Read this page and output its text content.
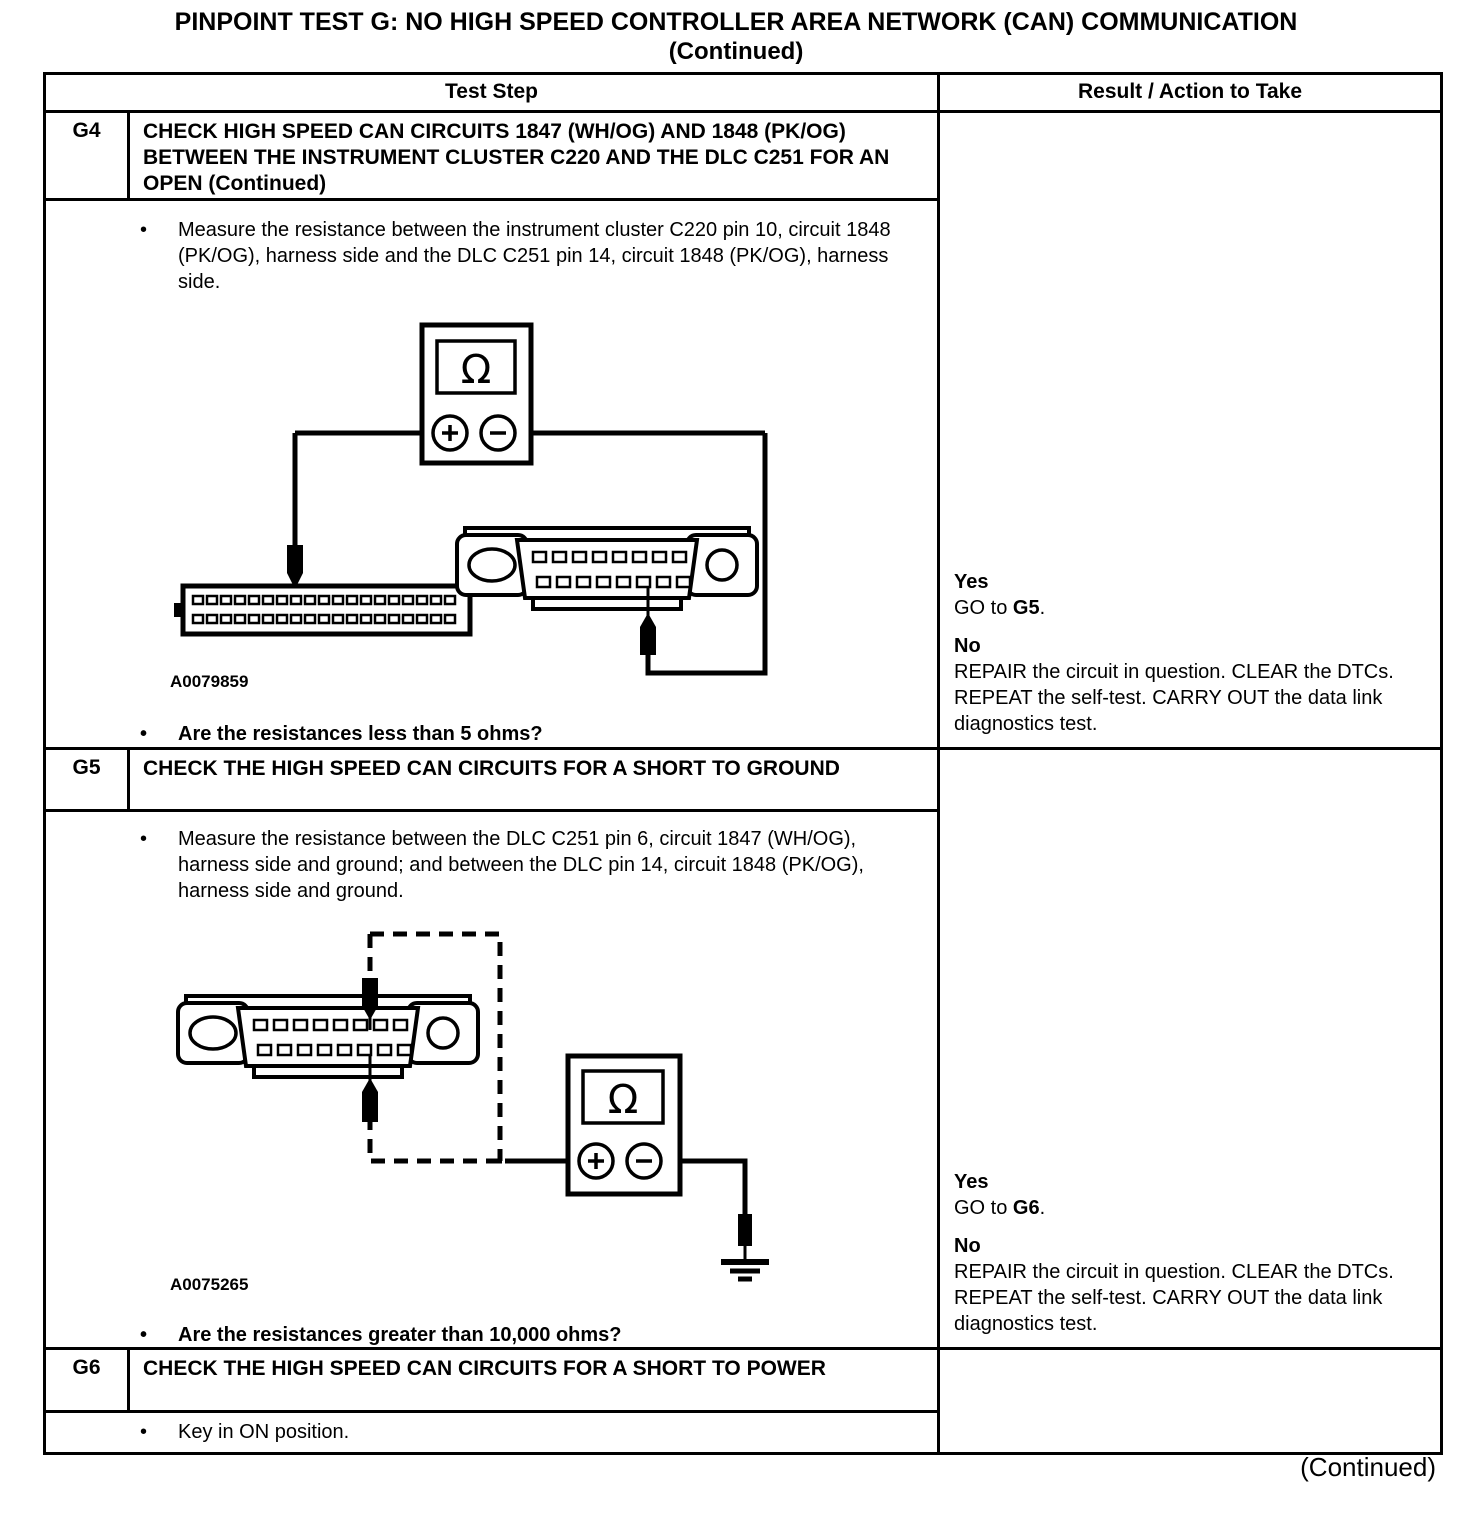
PINPOINT TEST G: NO HIGH SPEED CONTROLLER AREA NETWORK (CAN) COMMUNICATION
(Continued)
Test Step	Result / Action to Take
G4	CHECK HIGH SPEED CAN CIRCUITS 1847 (WH/OG) AND 1848 (PK/OG) BETWEEN THE INSTRUMENT CLUSTER C220 AND THE DLC C251 FOR AN OPEN (Continued)
•	Measure the resistance between the instrument cluster C220 pin 10, circuit 1848 (PK/OG), harness side and the DLC C251 pin 14, circuit 1848 (PK/OG), harness side.
Ω
A0079859
•	Are the resistances less than 5 ohms?
Yes
GO to G5.
No
REPAIR the circuit in question. CLEAR the DTCs. REPEAT the self-test. CARRY OUT the data link diagnostics test.
G5	CHECK THE HIGH SPEED CAN CIRCUITS FOR A SHORT TO GROUND
•	Measure the resistance between the DLC C251 pin 6, circuit 1847 (WH/OG), harness side and ground; and between the DLC pin 14, circuit 1848 (PK/OG), harness side and ground.
Ω
A0075265
•	Are the resistances greater than 10,000 ohms?
Yes
GO to G6.
No
REPAIR the circuit in question. CLEAR the DTCs. REPEAT the self-test. CARRY OUT the data link diagnostics test.
G6	CHECK THE HIGH SPEED CAN CIRCUITS FOR A SHORT TO POWER
•	Key in ON position.
(Continued)
